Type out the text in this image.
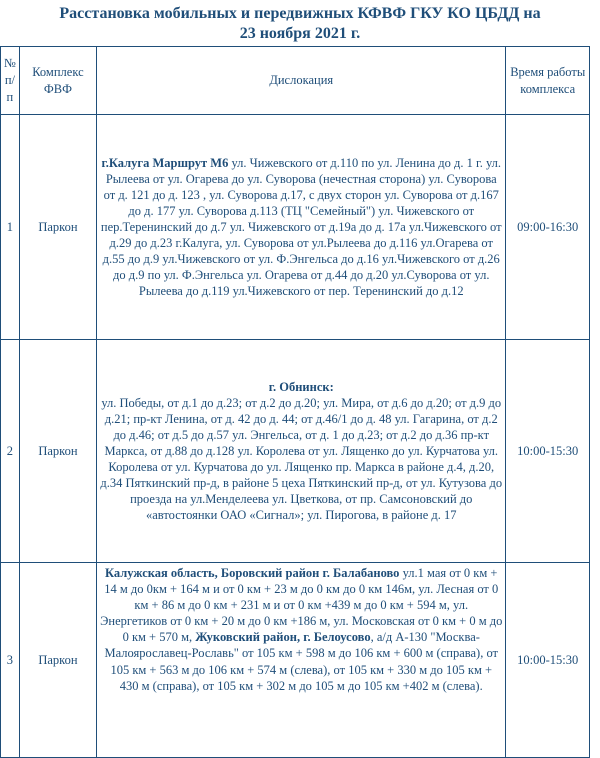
Расстановка мобильных и передвижных КФВФ ГКУ КО ЦБДД на
23 ноября 2021 г.
№ п/п	Комплекс ФВФ	Дислокация	Время работы комплекса
1	Паркон	г.Калуга Маршрут М6 ул. Чижевского от д.110 по ул. Ленина до д. 1 г. ул. Рылеева от ул. Огарева до ул. Суворова (нечестная сторона) ул. Суворова от д. 121 до д. 123 , ул. Суворова д.17, с двух сторон ул. Суворова от д.167 до д. 177 ул. Суворова д.113 (ТЦ "Семейный") ул. Чижевского от пер.Теренинский до д.7 ул. Чижевского от д.19а до д. 17а ул.Чижевского от д.29 до д.23 г.Калуга, ул. Суворова от ул.Рылеева до д.116 ул.Огарева от д.55 до д.9 ул.Чижевского от ул. Ф.Энгельса до д.16 ул.Чижевского от д.26 до д.9 по ул. Ф.Энгельса ул. Огарева от д.44 до д.20 ул.Суворова от ул. Рылеева до д.119 ул.Чижевского от пер. Теренинский до д.12	09:00-16:30
2	Паркон	г. Обнинск:
ул. Победы, от д.1 до д.23; от д.2 до д.20; ул. Мира, от д.6 до д.20; от д.9 до д.21; пр-кт Ленина, от д. 42 до д. 44; от д.46/1 до д. 48 ул. Гагарина, от д.2 до д.46; от д.5 до д.57 ул. Энгельса, от д. 1 до д.23; от д.2 до д.36 пр-кт Маркса, от д.88 до д.128 ул. Королева от ул. Лященко до ул. Курчатова ул. Королева от ул. Курчатова до ул. Лященко пр. Маркса в районе д.4, д.20, д.34 Пяткинский пр-д, в районе 5 цеха Пяткинский пр-д, от ул. Кутузова до проезда на ул.Менделеева ул. Цветкова, от пр. Самсоновский до «автостоянки ОАО «Сигнал»; ул. Пирогова, в районе д. 17	10:00-15:30
3	Паркон	Калужская область, Боровский район г. Балабаново ул.1 мая от 0 км + 14 м до 0км + 164 м и от 0 км + 23 м до 0 км до 0 км 146м, ул. Лесная от 0 км + 86 м до 0 км + 231 м и от 0 км +439 м до 0 км + 594 м, ул. Энергетиков от 0 км + 20 м до 0 км +186 м, ул. Московская от 0 км + 0 м до 0 км + 570 м, Жуковский район, г. Белоусово, а/д А-130 "Москва-Малоярославец-Рославь" от 105 км + 598 м до 106 км + 600 м (справа), от 105 км + 563 м до 106 км + 574 м (слева), от 105 км + 330 м до 105 км + 430 м (справа), от 105 км + 302 м до 105 м до 105 км +402 м (слева).	10:00-15:30
